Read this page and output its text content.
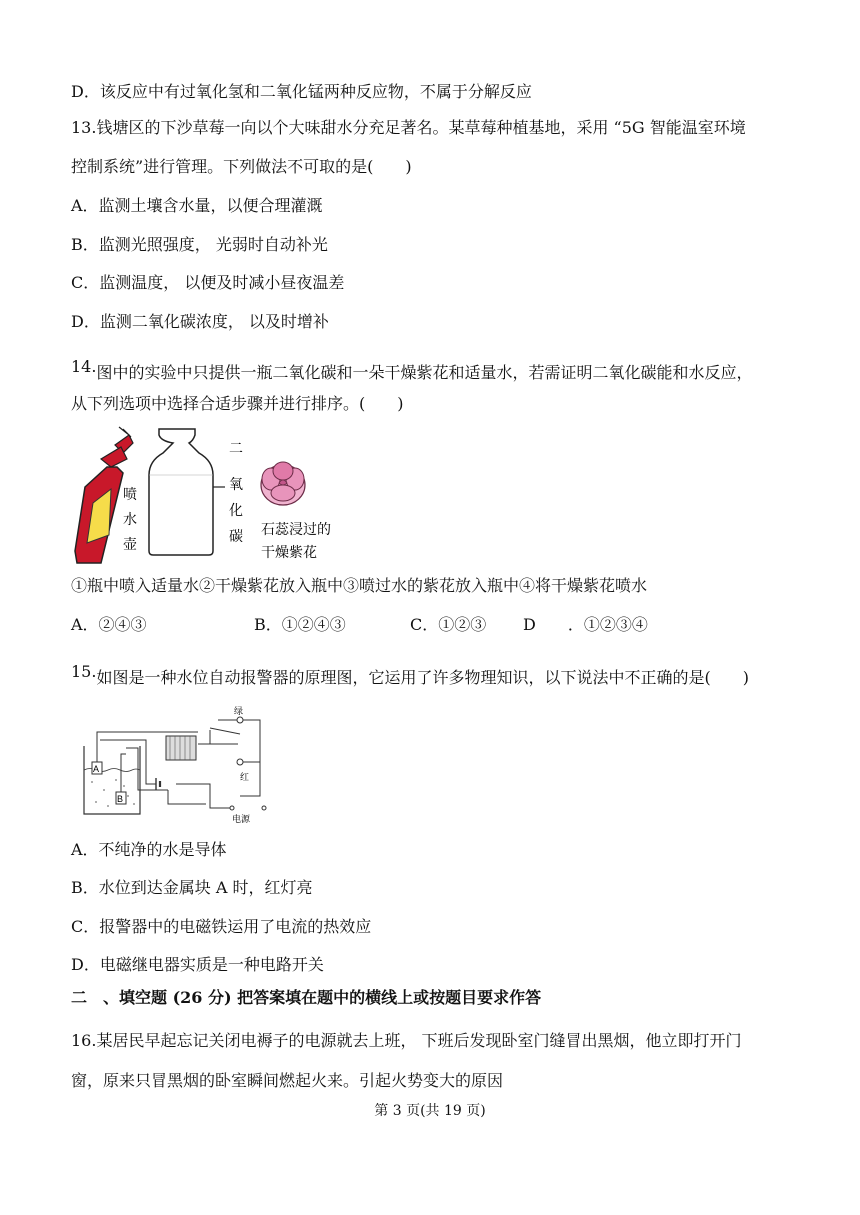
D．该反应中有过氧化氢和二氧化锰两种反应物，不属于分解反应
13.钱塘区的下沙草莓一向以个大味甜水分充足著名。某草莓种植基地，采用 “5G 智能温室环境
控制系统”进行管理。下列做法不可取的是(　　)
A．监测土壤含水量，以便合理灌溉
B．监测光照强度， 光弱时自动补光
C．监测温度， 以便及时减小昼夜温差
D．监测二氧化碳浓度， 以及时增补
14.图中的实验中只提供一瓶二氧化碳和一朵干燥紫花和适量水，若需证明二氧化碳能和水反应，
从下列选项中选择合适步骤并进行排序。(　　)
喷
水
壶
二
氧
化
碳 石蕊浸过的
干燥紫花
①瓶中喷入适量水②干燥紫花放入瓶中③喷过水的紫花放入瓶中④将干燥紫花喷水
A．②④③	B．①②④③	C．①②③ D　　．①②③④
15.如图是一种水位自动报警器的原理图，它运用了许多物理知识，以下说法中不正确的是(　　)
A
B
绿
红
电源
A．不纯净的水是导体
B．水位到达金属块 A 时，红灯亮
C．报警器中的电磁铁运用了电流的热效应
D．电磁继电器实质是一种电路开关
二　、填空题 (26 分) 把答案填在题中的横线上或按题目要求作答
16.某居民早起忘记关闭电褥子的电源就去上班， 下班后发现卧室门缝冒出黑烟，他立即打开门
窗，原来只冒黑烟的卧室瞬间燃起火来。引起火势变大的原因
第 3 页(共 19 页)
